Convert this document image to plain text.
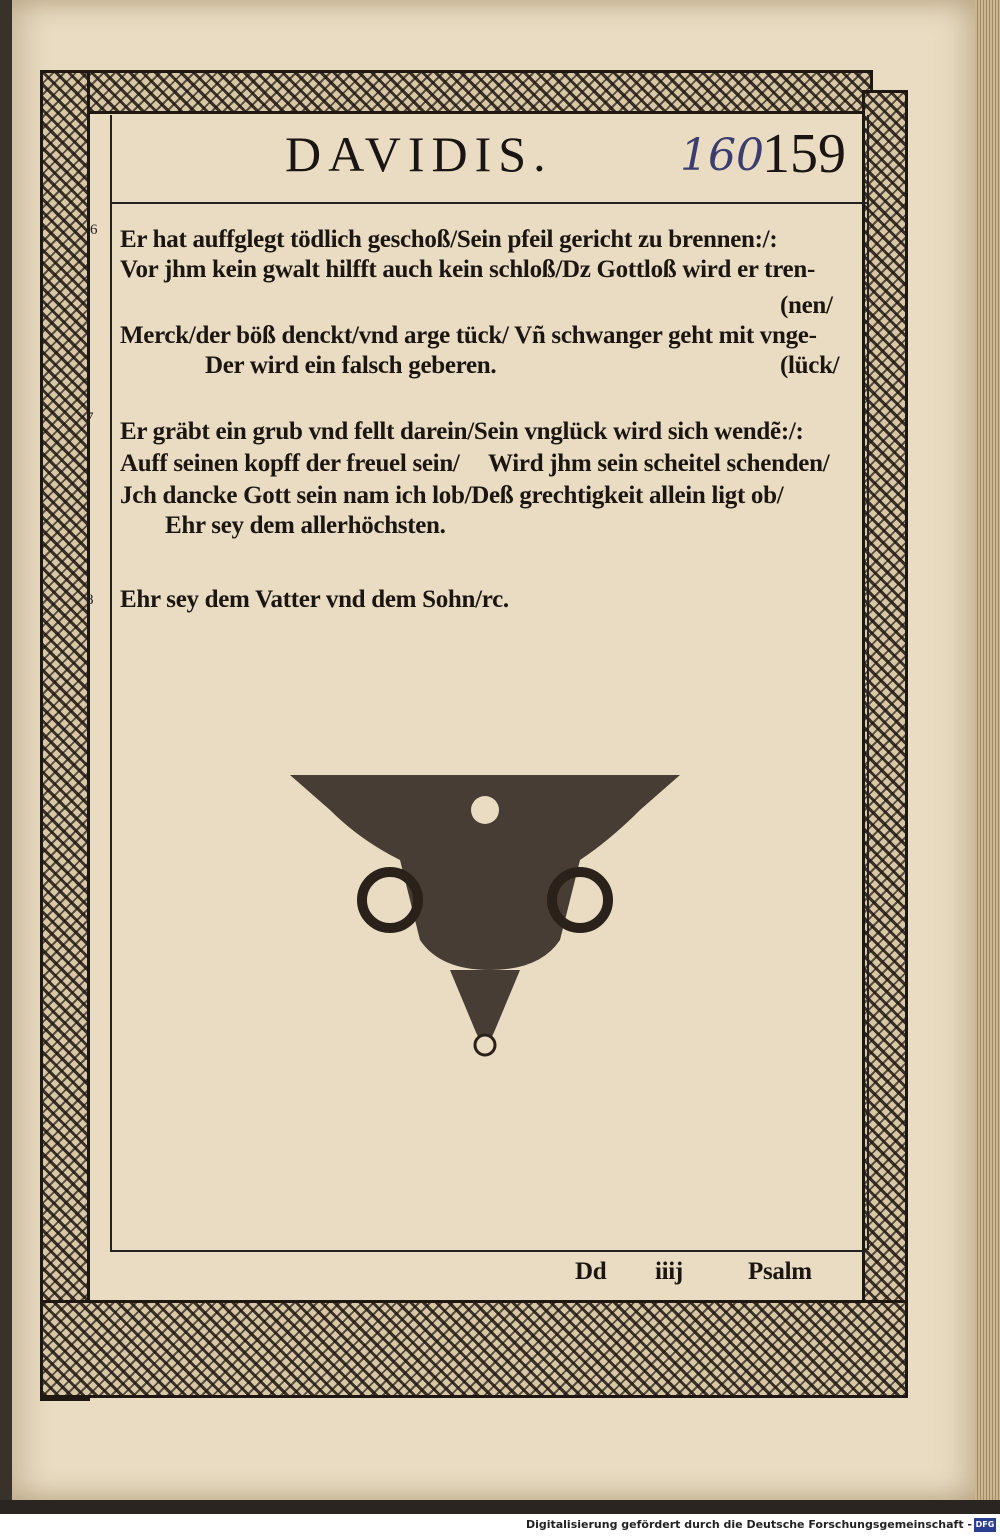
DAVIDIS.	160
159
6 Er hat auffglegt tödlich geschoß/Sein pfeil gericht zu brennen:/:
Vor jhm kein gwalt hilfft auch kein schloß/Dz Gottloß wird er tren-
(nen/
Merck/der böß denckt/vnd arge tück/ Vñ schwanger geht mit vnge-
Der wird ein falsch geberen.	(lück/
7 Er gräbt ein grub vnd fellt darein/Sein vnglück wird sich wendẽ:/:
Auff seinen kopff der freuel sein/ Wird jhm sein scheitel schenden/
Jch dancke Gott sein nam ich lob/Deß grechtigkeit allein ligt ob/
Ehr sey dem allerhöchsten.
8 Ehr sey dem Vatter vnd dem Sohn/rc.
Dd iiij	Psalm
Digitalisierung gefördert durch die Deutsche Forschungsgemeinschaft - DFG
